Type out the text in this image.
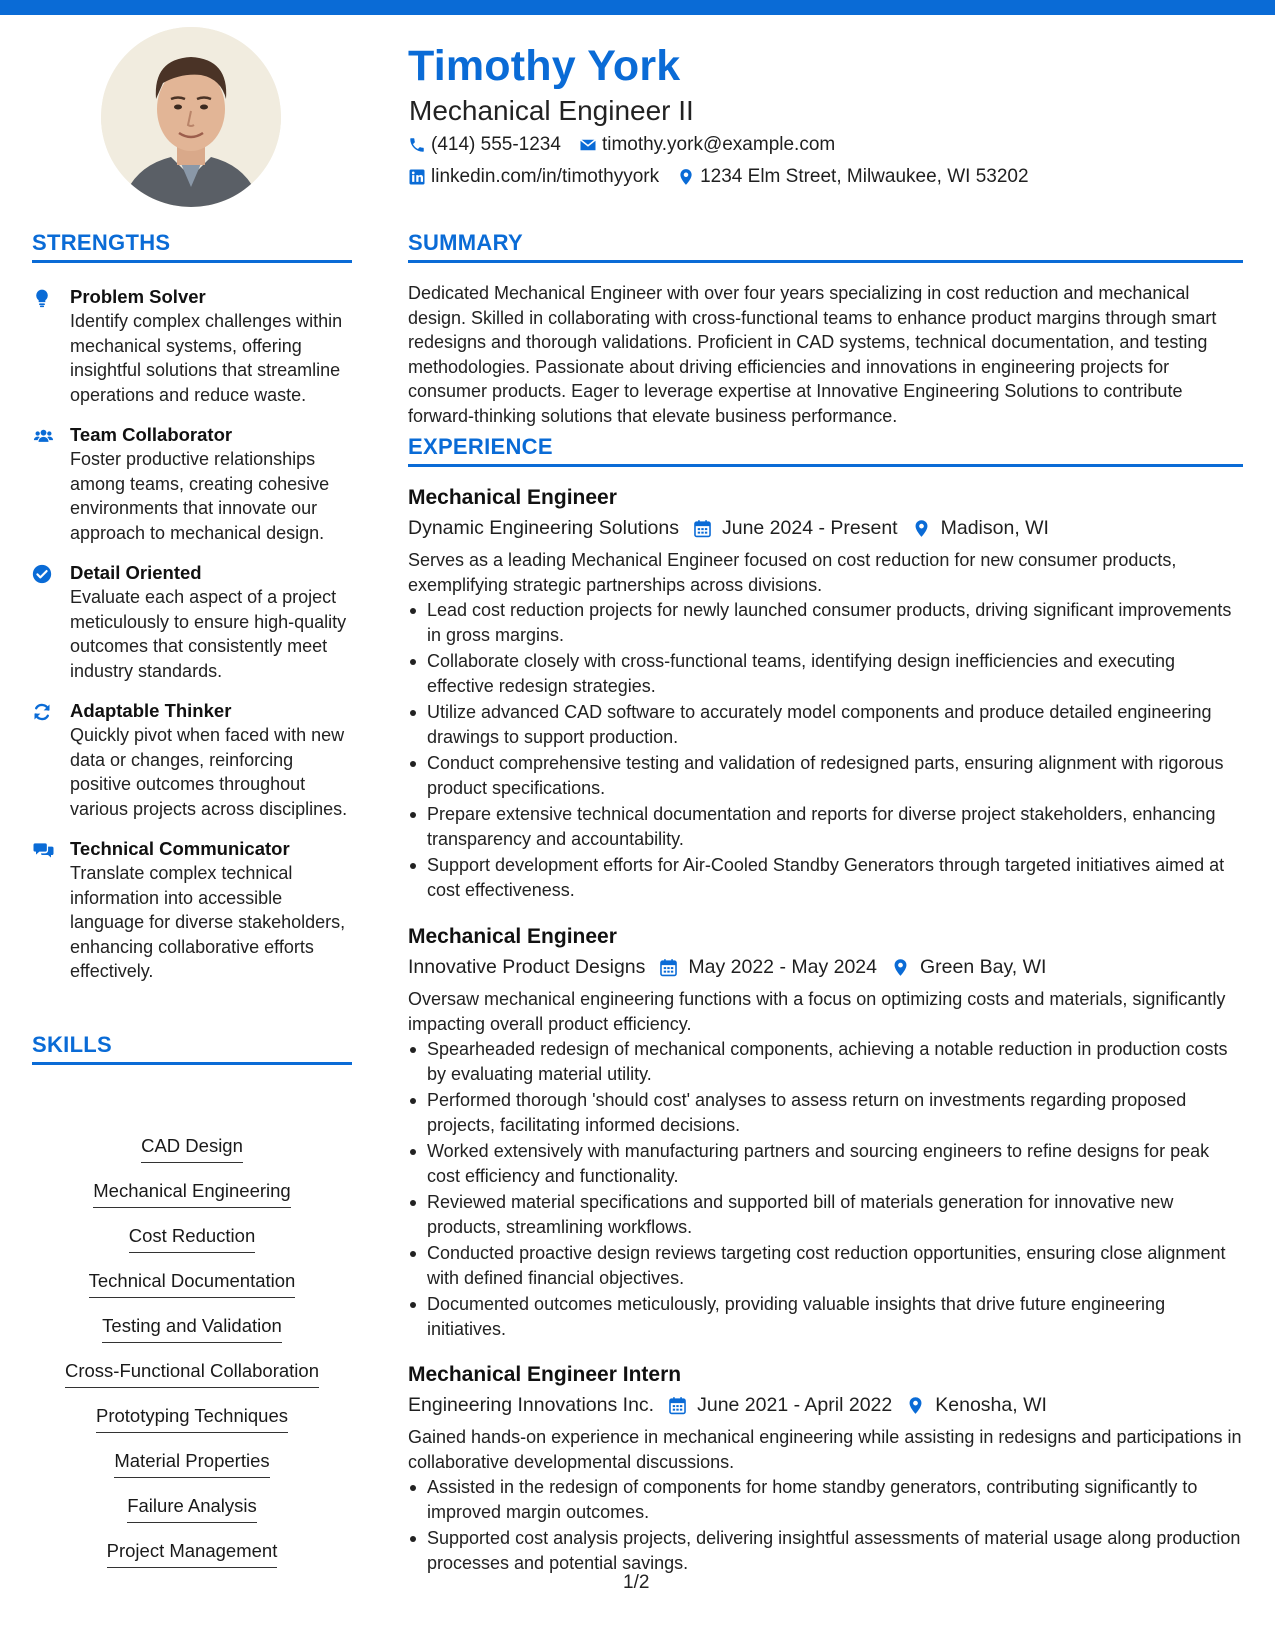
Timothy York
Mechanical Engineer II
(414) 555-1234 timothy.york@example.com
linkedin.com/in/timothyyork 1234 Elm Street, Milwaukee, WI 53202
STRENGTHS
Problem Solver
Identify complex challenges within mechanical systems, offering insightful solutions that streamline operations and reduce waste.
Team Collaborator
Foster productive relationships among teams, creating cohesive environments that innovate our approach to mechanical design.
Detail Oriented
Evaluate each aspect of a project meticulously to ensure high-quality outcomes that consistently meet industry standards.
Adaptable Thinker
Quickly pivot when faced with new data or changes, reinforcing positive outcomes throughout various projects across disciplines.
Technical Communicator
Translate complex technical information into accessible language for diverse stakeholders, enhancing collaborative efforts effectively.
SKILLS
CAD Design
Mechanical Engineering
Cost Reduction
Technical Documentation
Testing and Validation
Cross-Functional Collaboration
Prototyping Techniques
Material Properties
Failure Analysis
Project Management
SUMMARY
Dedicated Mechanical Engineer with over four years specializing in cost reduction and mechanical design. Skilled in collaborating with cross-functional teams to enhance product margins through smart redesigns and thorough validations. Proficient in CAD systems, technical documentation, and testing methodologies. Passionate about driving efficiencies and innovations in engineering projects for consumer products. Eager to leverage expertise at Innovative Engineering Solutions to contribute forward-thinking solutions that elevate business performance.
EXPERIENCE
Mechanical Engineer
Dynamic Engineering Solutions June 2024 - Present Madison, WI
Serves as a leading Mechanical Engineer focused on cost reduction for new consumer products, exemplifying strategic partnerships across divisions.
Lead cost reduction projects for newly launched consumer products, driving significant improvements in gross margins.
Collaborate closely with cross-functional teams, identifying design inefficiencies and executing effective redesign strategies.
Utilize advanced CAD software to accurately model components and produce detailed engineering drawings to support production.
Conduct comprehensive testing and validation of redesigned parts, ensuring alignment with rigorous product specifications.
Prepare extensive technical documentation and reports for diverse project stakeholders, enhancing transparency and accountability.
Support development efforts for Air-Cooled Standby Generators through targeted initiatives aimed at cost effectiveness.
Mechanical Engineer
Innovative Product Designs May 2022 - May 2024 Green Bay, WI
Oversaw mechanical engineering functions with a focus on optimizing costs and materials, significantly impacting overall product efficiency.
Spearheaded redesign of mechanical components, achieving a notable reduction in production costs by evaluating material utility.
Performed thorough 'should cost' analyses to assess return on investments regarding proposed projects, facilitating informed decisions.
Worked extensively with manufacturing partners and sourcing engineers to refine designs for peak cost efficiency and functionality.
Reviewed material specifications and supported bill of materials generation for innovative new products, streamlining workflows.
Conducted proactive design reviews targeting cost reduction opportunities, ensuring close alignment with defined financial objectives.
Documented outcomes meticulously, providing valuable insights that drive future engineering initiatives.
Mechanical Engineer Intern
Engineering Innovations Inc. June 2021 - April 2022 Kenosha, WI
Gained hands-on experience in mechanical engineering while assisting in redesigns and participations in collaborative developmental discussions.
Assisted in the redesign of components for home standby generators, contributing significantly to improved margin outcomes.
Supported cost analysis projects, delivering insightful assessments of material usage along production processes and potential savings.
1/2
